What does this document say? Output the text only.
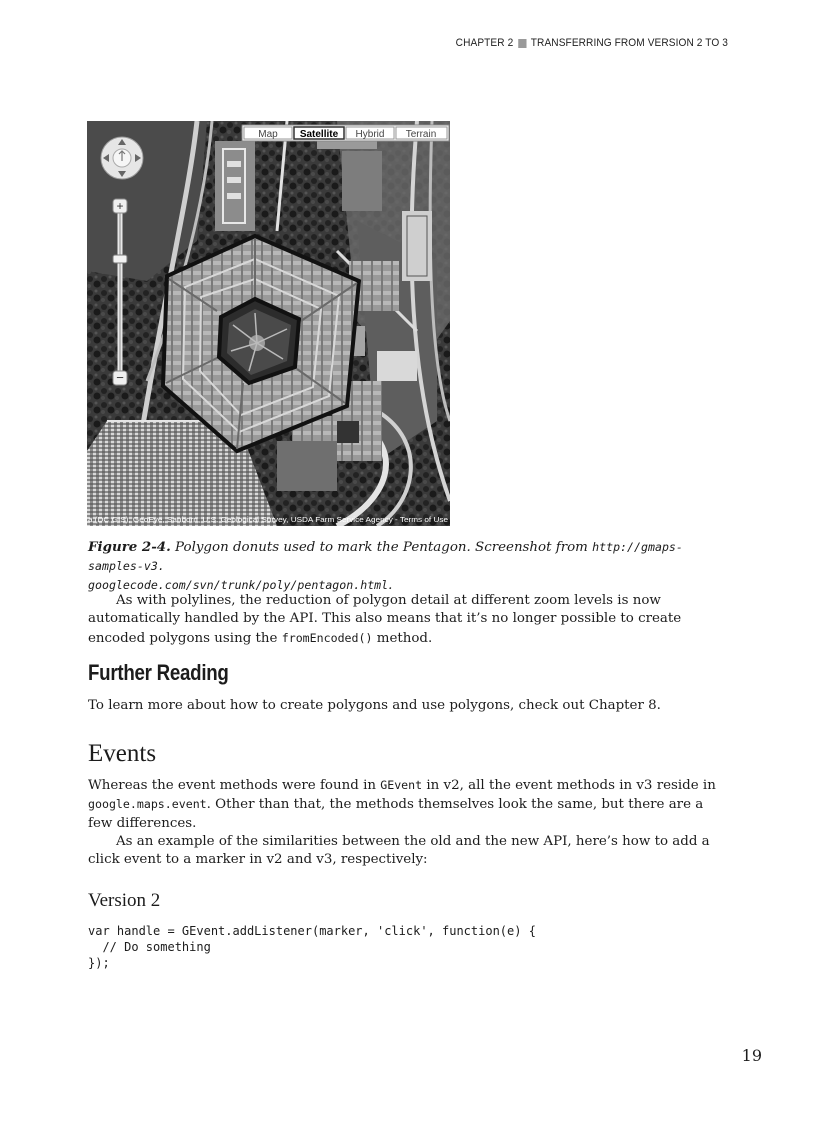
CHAPTER 2 TRANSFERRING FROM VERSION 2 TO 3
Map Satellite Hybrid Terrain
+
−
a (DC GIS), GeoEye, Sanborn, U.S. Geological Survey, USDA Farm Service Agency - Terms of Use
Figure 2-4. Polygon donuts used to mark the Pentagon. Screenshot from http://gmaps-samples-v3.
googlecode.com/svn/trunk/poly/pentagon.html.
As with polylines, the reduction of polygon detail at different zoom levels is now automatically handled by the API. This also means that it’s no longer possible to create encoded polygons using the fromEncoded() method.
Further Reading
To learn more about how to create polygons and use polygons, check out Chapter 8.
Events
Whereas the event methods were found in GEvent in v2, all the event methods in v3 reside in
google.maps.event. Other than that, the methods themselves look the same, but there are a
few differences.
As an example of the similarities between the old and the new API, here’s how to add a click event to a marker in v2 and v3, respectively:
Version 2
var handle = GEvent.addListener(marker, 'click', function(e) {
// Do something
});
19
